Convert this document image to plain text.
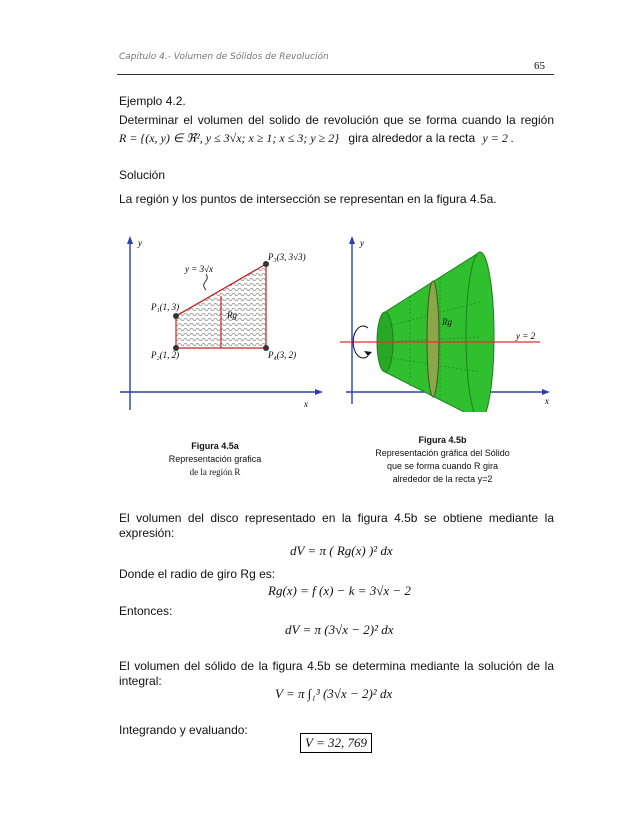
Capítulo 4.- Volumen de Sólidos de Revolución
65
Ejemplo 4.2.
Determinar el volumen del solido de revolución que se forma cuando la región
R = {(x, y) ∈ ℜ², y ≤ 3√x; x ≥ 1; x ≤ 3; y ≥ 2} gira alrededor a la recta y = 2 .
Solución
La región y los puntos de intersección se representan en la figura 4.5a.
y
x
y = 3√x
Rg
P₁(1, 3)
P₂(1, 2)
P₃(3, 3√3)
P₄(3, 2)
Figura 4.5a
Representación grafica
de la región R
y
x
Rg
y = 2
Figura 4.5b
Representación gráfica del Sólido
que se forma cuando R gira
alrededor de la recta y=2
El volumen del disco representado en la figura 4.5b se obtiene mediante la
expresión:
dV = π ( Rg(x) )² dx
Donde el radio de giro Rg es:
Rg(x) = f (x) − k = 3√x − 2
Entonces:
dV = π (3√x − 2)² dx
El volumen del sólido de la figura 4.5b se determina mediante la solución de la
integral:
V = π ∫₁³ (3√x − 2)² dx
Integrando y evaluando:
V = 32, 769
